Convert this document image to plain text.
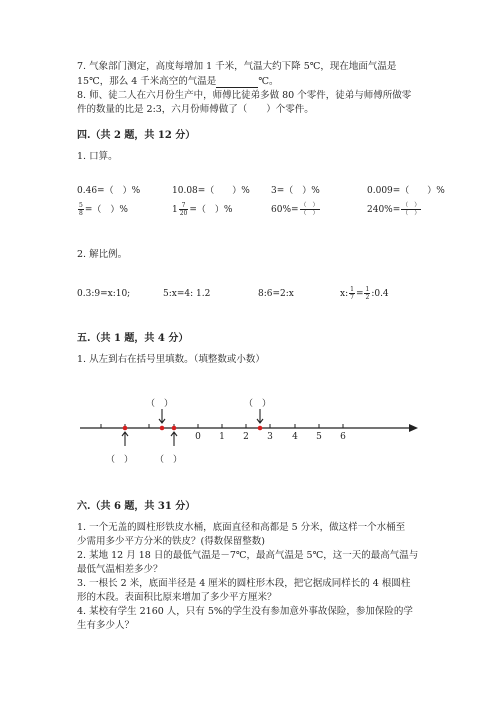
7. 气象部门测定，高度每增加 1 千米，气温大约下降 5℃，现在地面气温是
15℃，那么 4 千米高空的气温是	℃。
8. 师、徒二人在六月份生产中，师傅比徒弟多做 80 个零件，徒弟与师傅所做零
件的数量的比是 2:3，六月份师傅做了（　　）个零件。
四.（共 2 题，共 12 分）
1. 口算。
0.46=（　）%	10.08=（　　）% 3=（　）%	0.009=（　　）%
$\frac{5}{8}$ =（　）%	$1 \frac{7}{20}$ =（　）%	$60\%= \frac{( )}{( )}$	$240\%= \frac{( )}{( )}$
2. 解比例。
0.3:9=x:10;	5:x=4: 1.2	8:6=2:x	x: $\frac{1}{7} = \frac{1}{2}$ :0.4
五.（共 1 题，共 4 分）
1. 从左到右在括号里填数。（填整数或小数）
（　）	（　）
（　） （　）
0	1	2	3	4	5	6
六.（共 6 题，共 31 分）
1. 一个无盖的圆柱形铁皮水桶，底面直径和高都是 5 分米，做这样一个水桶至
少需用多少平方分米的铁皮？(得数保留整数)
2. 某地 12 月 18 日的最低气温是－7℃，最高气温是 5℃，这一天的最高气温与
最低气温相差多少？
3. 一根长 2 米，底面半径是 4 厘米的圆柱形木段，把它据成同样长的 4 根圆柱
形的木段。表面积比原来增加了多少平方厘米？
4. 某校有学生 2160 人，只有 5%的学生没有参加意外事故保险，参加保险的学
生有多少人？
